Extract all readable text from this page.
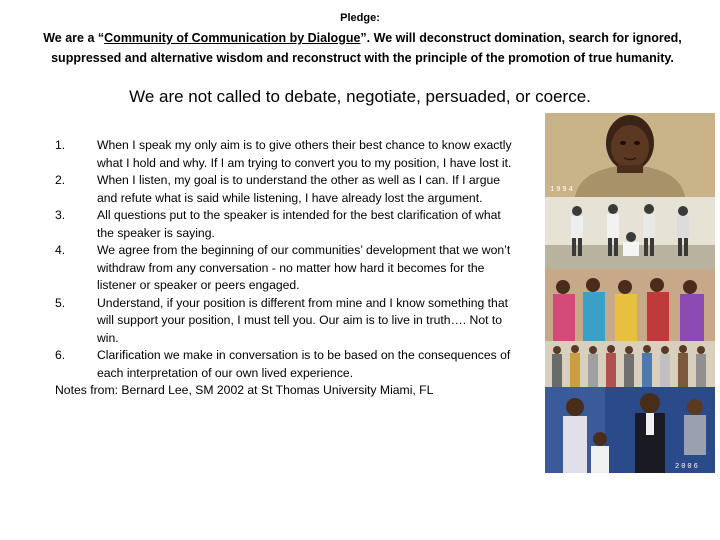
Pledge:
We are a “Community of Communication by Dialogue”. We will deconstruct domination, search for ignored, suppressed and alternative wisdom and reconstruct with the principle of the promotion of true humanity.
We are not called to debate, negotiate, persuaded, or coerce.
1.	When I speak my only aim is to give others their best chance to know exactly what I hold and why. If I am trying to convert you to my position, I have lost it.
2.	When I listen, my goal is to understand the other as well as I can. If I argue and refute what is said while listening, I have already lost the argument.
3.	All questions put to the speaker is intended for the best clarification of what the speaker is saying.
4.	We agree from the beginning of our communities’ development that we won’t withdraw from any conversation - no matter how hard it becomes for the listener or speaker or peers engaged.
5.	Understand, if your position is different from mine and I know something that will support your position, I must tell you. Our aim is to live in truth…. Not to win.
6.	Clarification we make in conversation is to be based on the consequences of each interpretation of our own lived experience.
Notes from: Bernard Lee, SM 2002 at St Thomas University Miami, FL
1994
2006
